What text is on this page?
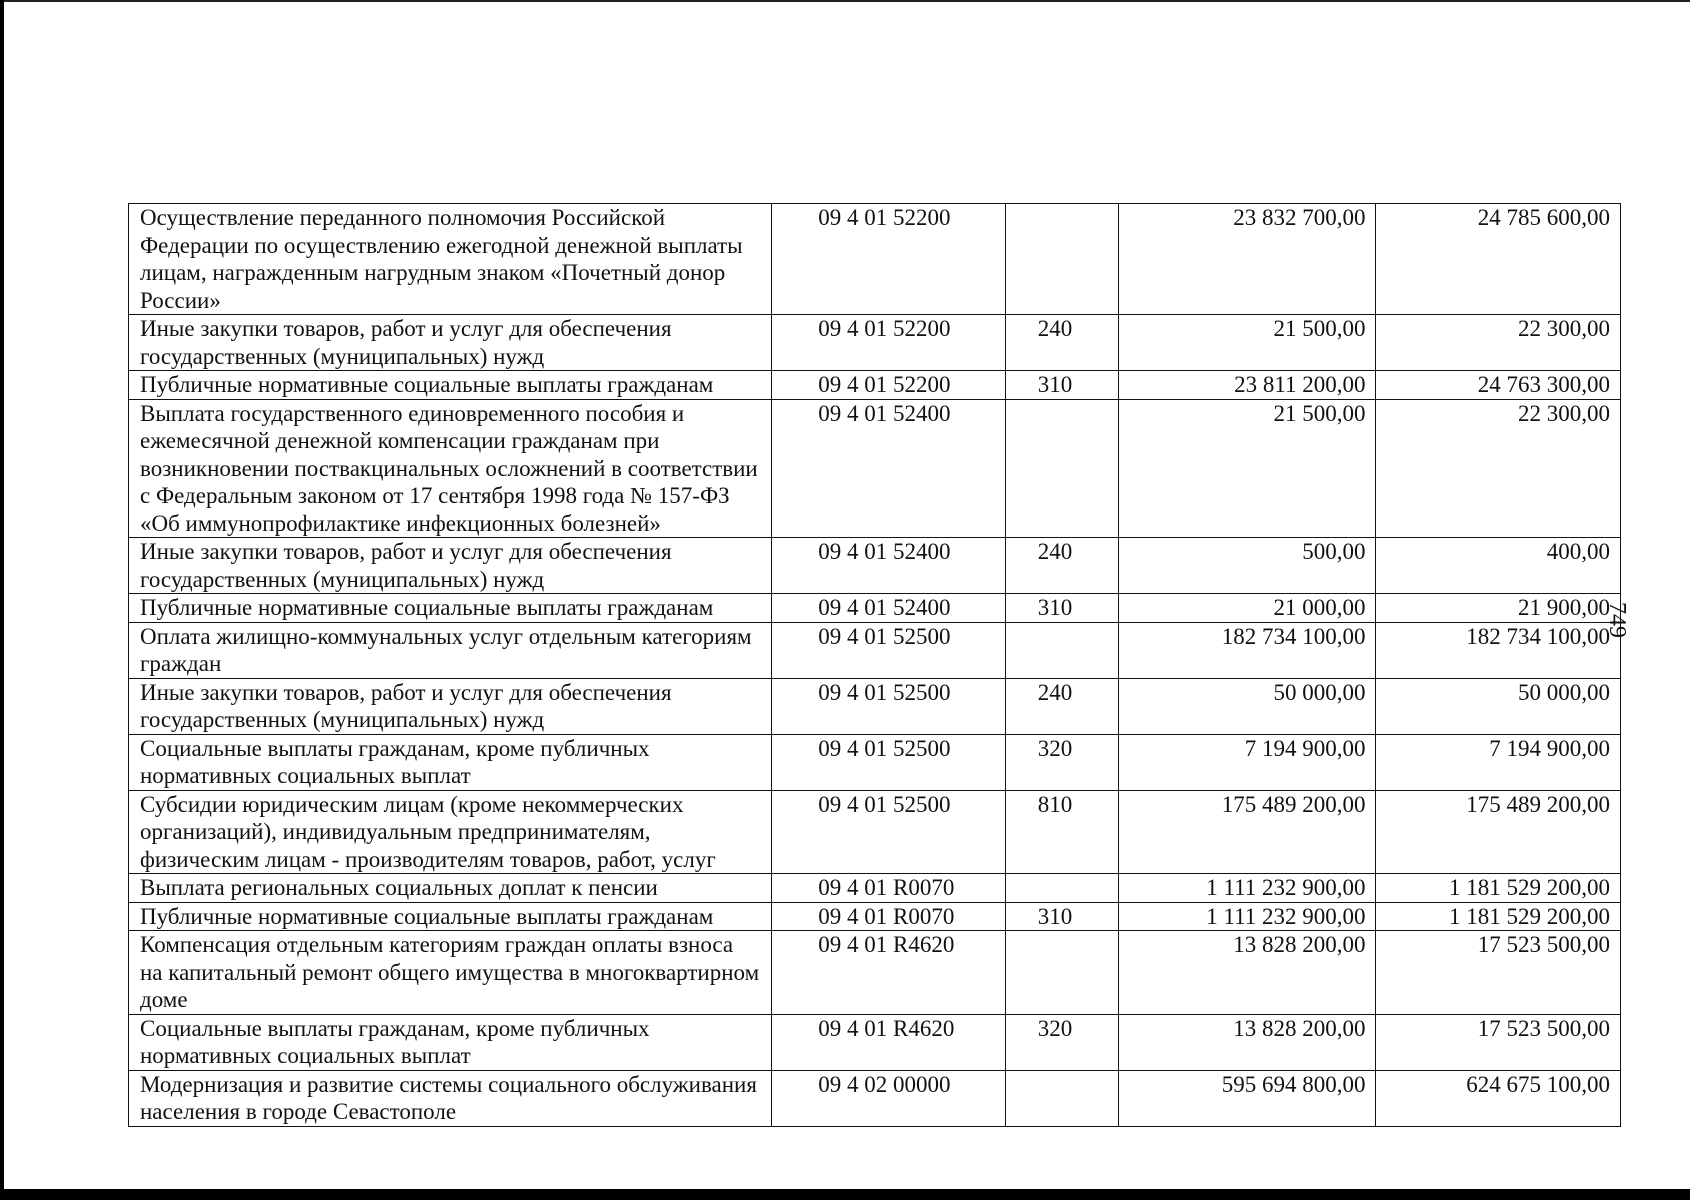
Осуществление переданного полномочия Российской Федерации по осуществлению ежегодной денежной выплаты лицам, награжденным нагрудным знаком «Почетный донор России»	09 4 01 52200		23 832 700,00	24 785 600,00
Иные закупки товаров, работ и услуг для обеспечения государственных (муниципальных) нужд	09 4 01 52200	240	21 500,00	22 300,00
Публичные нормативные социальные выплаты гражданам	09 4 01 52200	310	23 811 200,00	24 763 300,00
Выплата государственного единовременного пособия и ежемесячной денежной компенсации гражданам при возникновении поствакцинальных осложнений в соответствии с Федеральным законом от 17 сентября 1998 года № 157-ФЗ «Об иммунопрофилактике инфекционных болезней»	09 4 01 52400		21 500,00	22 300,00
Иные закупки товаров, работ и услуг для обеспечения государственных (муниципальных) нужд	09 4 01 52400	240	500,00	400,00
Публичные нормативные социальные выплаты гражданам	09 4 01 52400	310	21 000,00	21 900,00
Оплата жилищно-коммунальных услуг отдельным категориям граждан	09 4 01 52500		182 734 100,00	182 734 100,00
Иные закупки товаров, работ и услуг для обеспечения государственных (муниципальных) нужд	09 4 01 52500	240	50 000,00	50 000,00
Социальные выплаты гражданам, кроме публичных нормативных социальных выплат	09 4 01 52500	320	7 194 900,00	7 194 900,00
Субсидии юридическим лицам (кроме некоммерческих организаций), индивидуальным предпринимателям, физическим лицам - производителям товаров, работ, услуг	09 4 01 52500	810	175 489 200,00	175 489 200,00
Выплата региональных социальных доплат к пенсии	09 4 01 R0070		1 111 232 900,00	1 181 529 200,00
Публичные нормативные социальные выплаты гражданам	09 4 01 R0070	310	1 111 232 900,00	1 181 529 200,00
Компенсация отдельным категориям граждан оплаты взноса на капитальный ремонт общего имущества в многоквартирном доме	09 4 01 R4620		13 828 200,00	17 523 500,00
Социальные выплаты гражданам, кроме публичных нормативных социальных выплат	09 4 01 R4620	320	13 828 200,00	17 523 500,00
Модернизация и развитие системы социального обслуживания населения в городе Севастополе	09 4 02 00000		595 694 800,00	624 675 100,00
749
